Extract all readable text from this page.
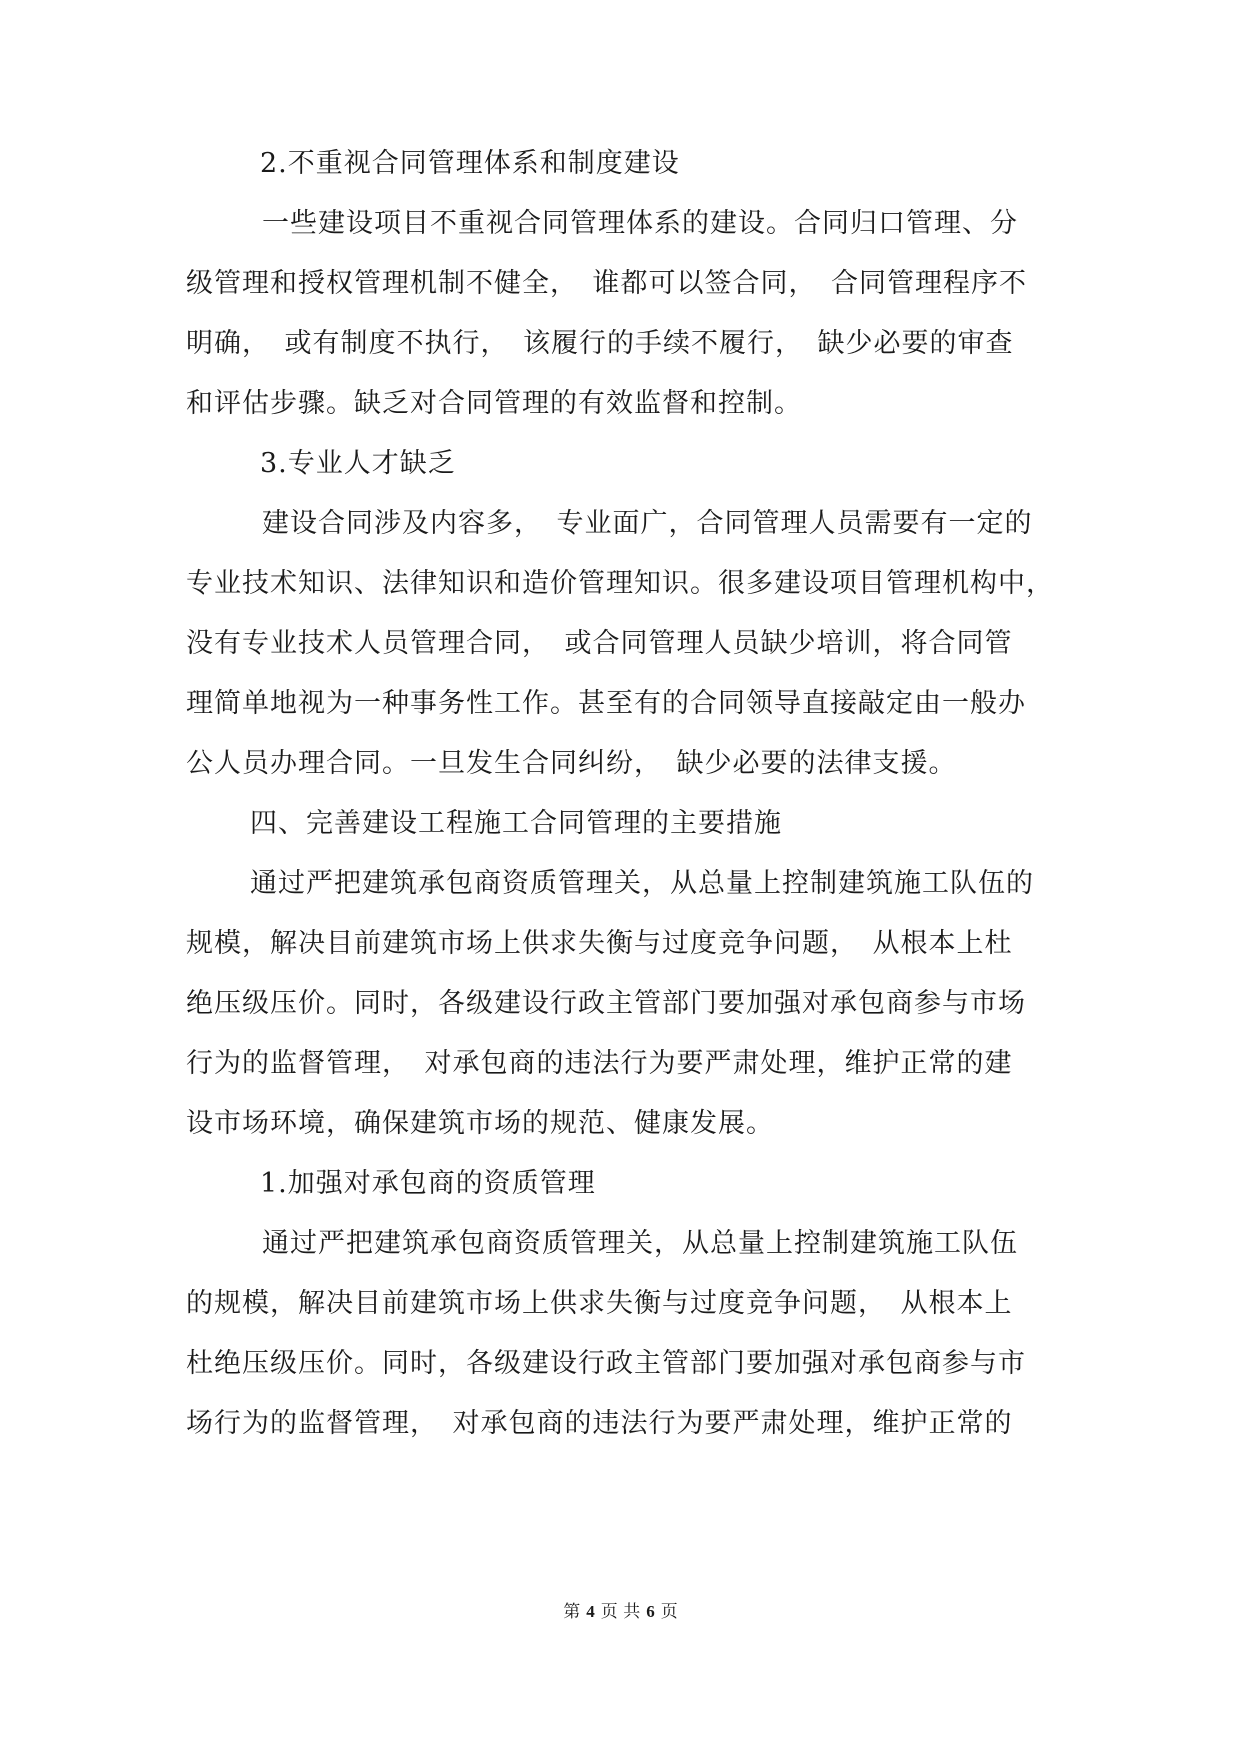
　2.不重视合同管理体系和制度建设
　一些建设项目不重视合同管理体系的建设。合同归口管理、分
级管理和授权管理机制不健全，　谁都可以签合同，　合同管理程序不
明确，　或有制度不执行，　该履行的手续不履行，　缺少必要的审查
和评估步骤。缺乏对合同管理的有效监督和控制。
　3.专业人才缺乏
　建设合同涉及内容多，　专业面广，合同管理人员需要有一定的
专业技术知识、法律知识和造价管理知识。很多建设项目管理机构中，
没有专业技术人员管理合同，　或合同管理人员缺少培训，将合同管
理简单地视为一种事务性工作。甚至有的合同领导直接敲定由一般办
公人员办理合同。一旦发生合同纠纷，　缺少必要的法律支援。
　四、完善建设工程施工合同管理的主要措施
　通过严把建筑承包商资质管理关，从总量上控制建筑施工队伍的
规模，解决目前建筑市场上供求失衡与过度竞争问题，　从根本上杜
绝压级压价。同时，各级建设行政主管部门要加强对承包商参与市场
行为的监督管理，　对承包商的违法行为要严肃处理，维护正常的建
设市场环境，确保建筑市场的规范、健康发展。
　1.加强对承包商的资质管理
　通过严把建筑承包商资质管理关，从总量上控制建筑施工队伍
的规模，解决目前建筑市场上供求失衡与过度竞争问题，　从根本上
杜绝压级压价。同时，各级建设行政主管部门要加强对承包商参与市
场行为的监督管理，　对承包商的违法行为要严肃处理，维护正常的
第 4 页 共 6 页
